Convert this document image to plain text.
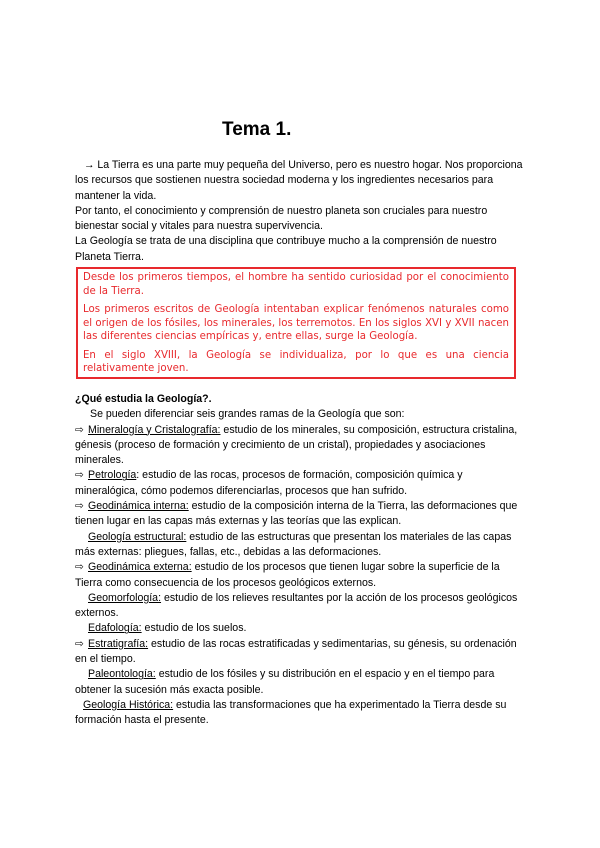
Tema 1.

→ La Tierra es una parte muy pequeña del Universo, pero es nuestro hogar. Nos proporciona los recursos que sostienen nuestra sociedad moderna y los ingredientes necesarios para mantener la vida.

Por tanto, el conocimiento y comprensión de nuestro planeta son cruciales para nuestro bienestar social y vitales para nuestra supervivencia.

La Geología se trata de una disciplina que contribuye mucho a la comprensión de nuestro Planeta Tierra.

Desde los primeros tiempos, el hombre ha sentido curiosidad por el conocimiento de la Tierra.

Los primeros escritos de Geología intentaban explicar fenómenos naturales como el origen de los fósiles, los minerales, los terremotos. En los siglos XVI y XVII nacen las diferentes ciencias empíricas y, entre ellas, surge la Geología.

En el siglo XVIII, la Geología se individualiza, por lo que es una ciencia relativamente joven.

¿Qué estudia la Geología?.

Se pueden diferenciar seis grandes ramas de la Geología que son:

⇨ Mineralogía y Cristalografía: estudio de los minerales, su composición, estructura cristalina, génesis (proceso de formación y crecimiento de un cristal), propiedades y asociaciones minerales.

⇨ Petrología: estudio de las rocas, procesos de formación, composición química y mineralógica, cómo podemos diferenciarlas, procesos que han sufrido.

⇨ Geodinámica interna: estudio de la composición interna de la Tierra, las deformaciones que tienen lugar en las capas más externas y las teorías que las explican.

Geología estructural: estudio de las estructuras que presentan los materiales de las capas más externas: pliegues, fallas, etc., debidas a las deformaciones.

⇨ Geodinámica externa: estudio de los procesos que tienen lugar sobre la superficie de la Tierra como consecuencia de los procesos geológicos externos.

Geomorfología: estudio de los relieves resultantes por la acción de los procesos geológicos externos.

Edafología: estudio de los suelos.

⇨ Estratigrafía: estudio de las rocas estratificadas y sedimentarias, su génesis, su ordenación en el tiempo.

Paleontología: estudio de los fósiles y su distribución en el espacio y en el tiempo para obtener la sucesión más exacta posible.

Geología Histórica: estudia las transformaciones que ha experimentado la Tierra desde su formación hasta el presente.
